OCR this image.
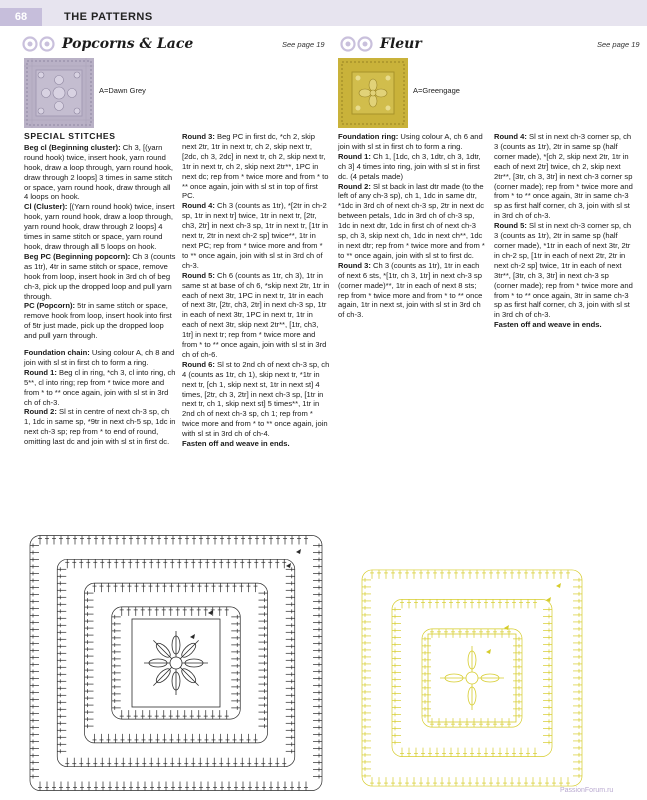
68	THE PATTERNS
Popcorns & Lace	See page 19	Fleur	See page 19
A=Dawn Grey	A=Greengage
SPECIAL STITCHES

Beg cl (Beginning cluster): Ch 3, [(yarn round hook) twice, insert hook, yarn round hook, draw a loop through, yarn round hook, draw through 2 loops] 3 times in same stitch or space, yarn round hook, draw through all 4 loops on hook.

Cl (Cluster): [(Yarn round hook) twice, insert hook, yarn round hook, draw a loop through, yarn round hook, draw through 2 loops] 4 times in same stitch or space, yarn round hook, draw through all 5 loops on hook.

Beg PC (Beginning popcorn): Ch 3 (counts as 1tr), 4tr in same stitch or space, remove hook from loop, insert hook in 3rd ch of beg ch-3, pick up the dropped loop and pull yarn through.

PC (Popcorn): 5tr in same stitch or space, remove hook from loop, insert hook into first of 5tr just made, pick up the dropped loop and pull yarn through.

Foundation chain: Using colour A, ch 8 and join with sl st in first ch to form a ring.

Round 1: Beg cl in ring, *ch 3, cl into ring, ch 5**, cl into ring; rep from * twice more and from * to ** once again, join with sl st in 3rd ch of ch-3.

Round 2: Sl st in centre of next ch-3 sp, ch 1, 1dc in same sp, *9tr in next ch-5 sp, 1dc in next ch-3 sp; rep from * to end of round, omitting last dc and join with sl st in first dc.

Round 3: Beg PC in first dc, *ch 2, skip next 2tr, 1tr in next tr, ch 2, skip next tr, [2dc, ch 3, 2dc] in next tr, ch 2, skip next tr, 1tr in next tr, ch 2, skip next 2tr**, 1PC in next dc; rep from * twice more and from * to ** once again, join with sl st in top of first PC.

Round 4: Ch 3 (counts as 1tr), *[2tr in ch-2 sp, 1tr in next tr] twice, 1tr in next tr, [2tr, ch3, 2tr] in next ch-3 sp, 1tr in next tr, [1tr in next tr, 2tr in next ch-2 sp] twice**, 1tr in next PC; rep from * twice more and from * to ** once again, join with sl st in 3rd ch of ch-3.

Round 5: Ch 6 (counts as 1tr, ch 3), 1tr in same st at base of ch 6, *skip next 2tr, 1tr in each of next 3tr, 1PC in next tr, 1tr in each of next 3tr, [2tr, ch3, 2tr] in next ch-3 sp, 1tr in each of next 3tr, 1PC in next tr, 1tr in each of next 3tr, skip next 2tr**, [1tr, ch3, 1tr] in next tr; rep from * twice more and from * to ** once again, join with sl st in 3rd ch of ch-6.

Round 6: Sl st to 2nd ch of next ch-3 sp, ch 4 (counts as 1tr, ch 1), skip next tr, *1tr in next tr, [ch 1, skip next st, 1tr in next st] 4 times, [2tr, ch 3, 2tr] in next ch-3 sp, [1tr in next tr, ch 1, skip next st] 5 times**, 1tr in 2nd ch of next ch-3 sp, ch 1; rep from * twice more and from * to ** once again, join with sl st in 3rd ch of ch-4.

Fasten off and weave in ends.

Foundation ring: Using colour A, ch 6 and join with sl st in first ch to form a ring.

Round 1: Ch 1, [1dc, ch 3, 1dtr, ch 3, 1dtr, ch 3] 4 times into ring, join with sl st in first dc. (4 petals made)

Round 2: Sl st back in last dtr made (to the left of any ch-3 sp), ch 1, 1dc in same dtr, *1dc in 3rd ch of next ch-3 sp, 2tr in next dc between petals, 1dc in 3rd ch of ch-3 sp, 1dc in next dtr, 1dc in first ch of next ch-3 sp, ch 3, skip next ch, 1dc in next ch**, 1dc in next dtr; rep from * twice more and from * to ** once again, join with sl st to first dc.

Round 3: Ch 3 (counts as 1tr), 1tr in each of next 6 sts, *[1tr, ch 3, 1tr] in next ch-3 sp (corner made)**, 1tr in each of next 8 sts; rep from * twice more and from * to ** once again, 1tr in next st, join with sl st in 3rd ch of ch-3.

Round 4: Sl st in next ch-3 corner sp, ch 3 (counts as 1tr), 2tr in same sp (half corner made), *[ch 2, skip next 2tr, 1tr in each of next 2tr] twice, ch 2, skip next 2tr**, [3tr, ch 3, 3tr] in next ch-3 corner sp (corner made); rep from * twice more and from * to ** once again, 3tr in same ch-3 sp as first half corner, ch 3, join with sl st in 3rd ch of ch-3.

Round 5: Sl st in next ch-3 corner sp, ch 3 (counts as 1tr), 2tr in same sp (half corner made), *1tr in each of next 3tr, 2tr in ch-2 sp, [1tr in each of next 2tr, 2tr in next ch-2 sp] twice, 1tr in each of next 3tr**, [3tr, ch 3, 3tr] in next ch-3 sp (corner made); rep from * twice more and from * to ** once again, 3tr in same ch-3 sp as first half corner, ch 3, join with sl st in 3rd ch of ch-3.

Fasten off and weave in ends.

PassionForum.ru
